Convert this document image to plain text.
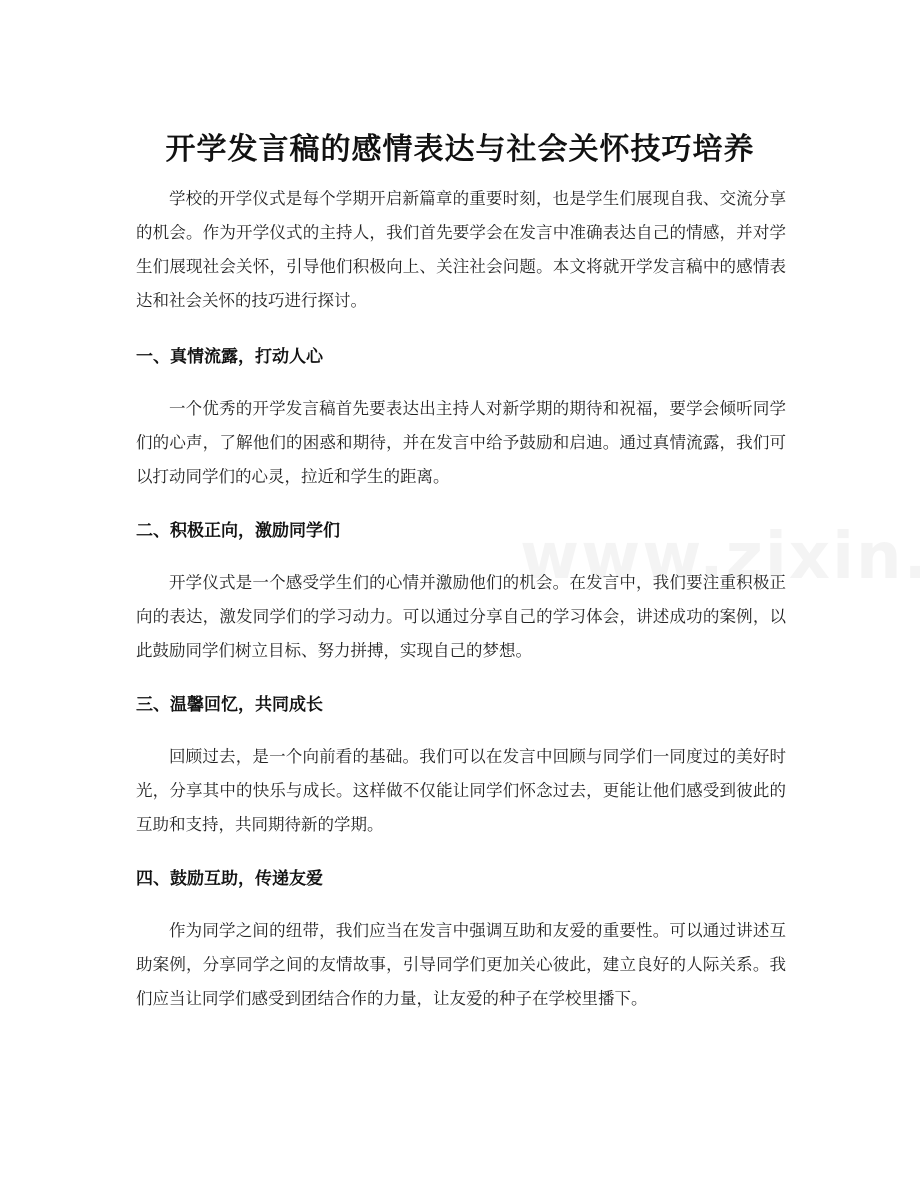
开学发言稿的感情表达与社会关怀技巧培养

学校的开学仪式是每个学期开启新篇章的重要时刻，也是学生们展现自我、交流分享的机会。作为开学仪式的主持人，我们首先要学会在发言中准确表达自己的情感，并对学生们展现社会关怀，引导他们积极向上、关注社会问题。本文将就开学发言稿中的感情表达和社会关怀的技巧进行探讨。

一、真情流露，打动人心

一个优秀的开学发言稿首先要表达出主持人对新学期的期待和祝福，要学会倾听同学们的心声，了解他们的困惑和期待，并在发言中给予鼓励和启迪。通过真情流露，我们可以打动同学们的心灵，拉近和学生的距离。

二、积极正向，激励同学们

开学仪式是一个感受学生们的心情并激励他们的机会。在发言中，我们要注重积极正向的表达，激发同学们的学习动力。可以通过分享自己的学习体会，讲述成功的案例，以此鼓励同学们树立目标、努力拼搏，实现自己的梦想。

三、温馨回忆，共同成长

回顾过去，是一个向前看的基础。我们可以在发言中回顾与同学们一同度过的美好时光，分享其中的快乐与成长。这样做不仅能让同学们怀念过去，更能让他们感受到彼此的互助和支持，共同期待新的学期。

四、鼓励互助，传递友爱

作为同学之间的纽带，我们应当在发言中强调互助和友爱的重要性。可以通过讲述互助案例，分享同学之间的友情故事，引导同学们更加关心彼此，建立良好的人际关系。我们应当让同学们感受到团结合作的力量，让友爱的种子在学校里播下。
